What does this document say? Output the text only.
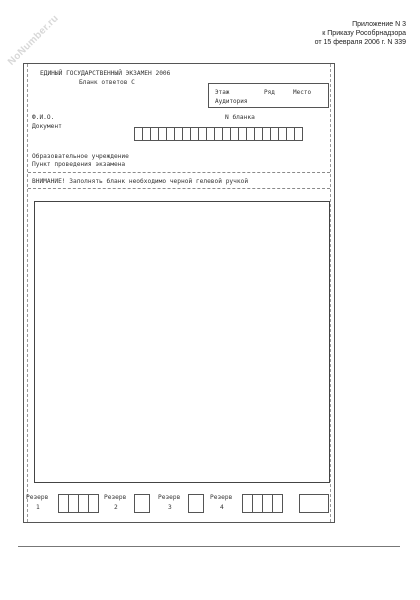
NoNumber.ru	Приложение N 3
к Приказу Рособрнадзора
от 15 февраля 2006 г. N 339
ЕДИНЫЙ ГОСУДАРСТВЕННЫЙ ЭКЗАМЕН 2006
Бланк ответов С
Этаж	Ряд	Место
Аудитория
Ф.И.О.
Документ
N бланка
Образовательное учреждение
Пункт проведения экзамена
ВНИМАНИЕ! Заполнять бланк необходимо черной гелевой ручкой
Резерв
1
Резерв
2
Резерв
3
Резерв
4
